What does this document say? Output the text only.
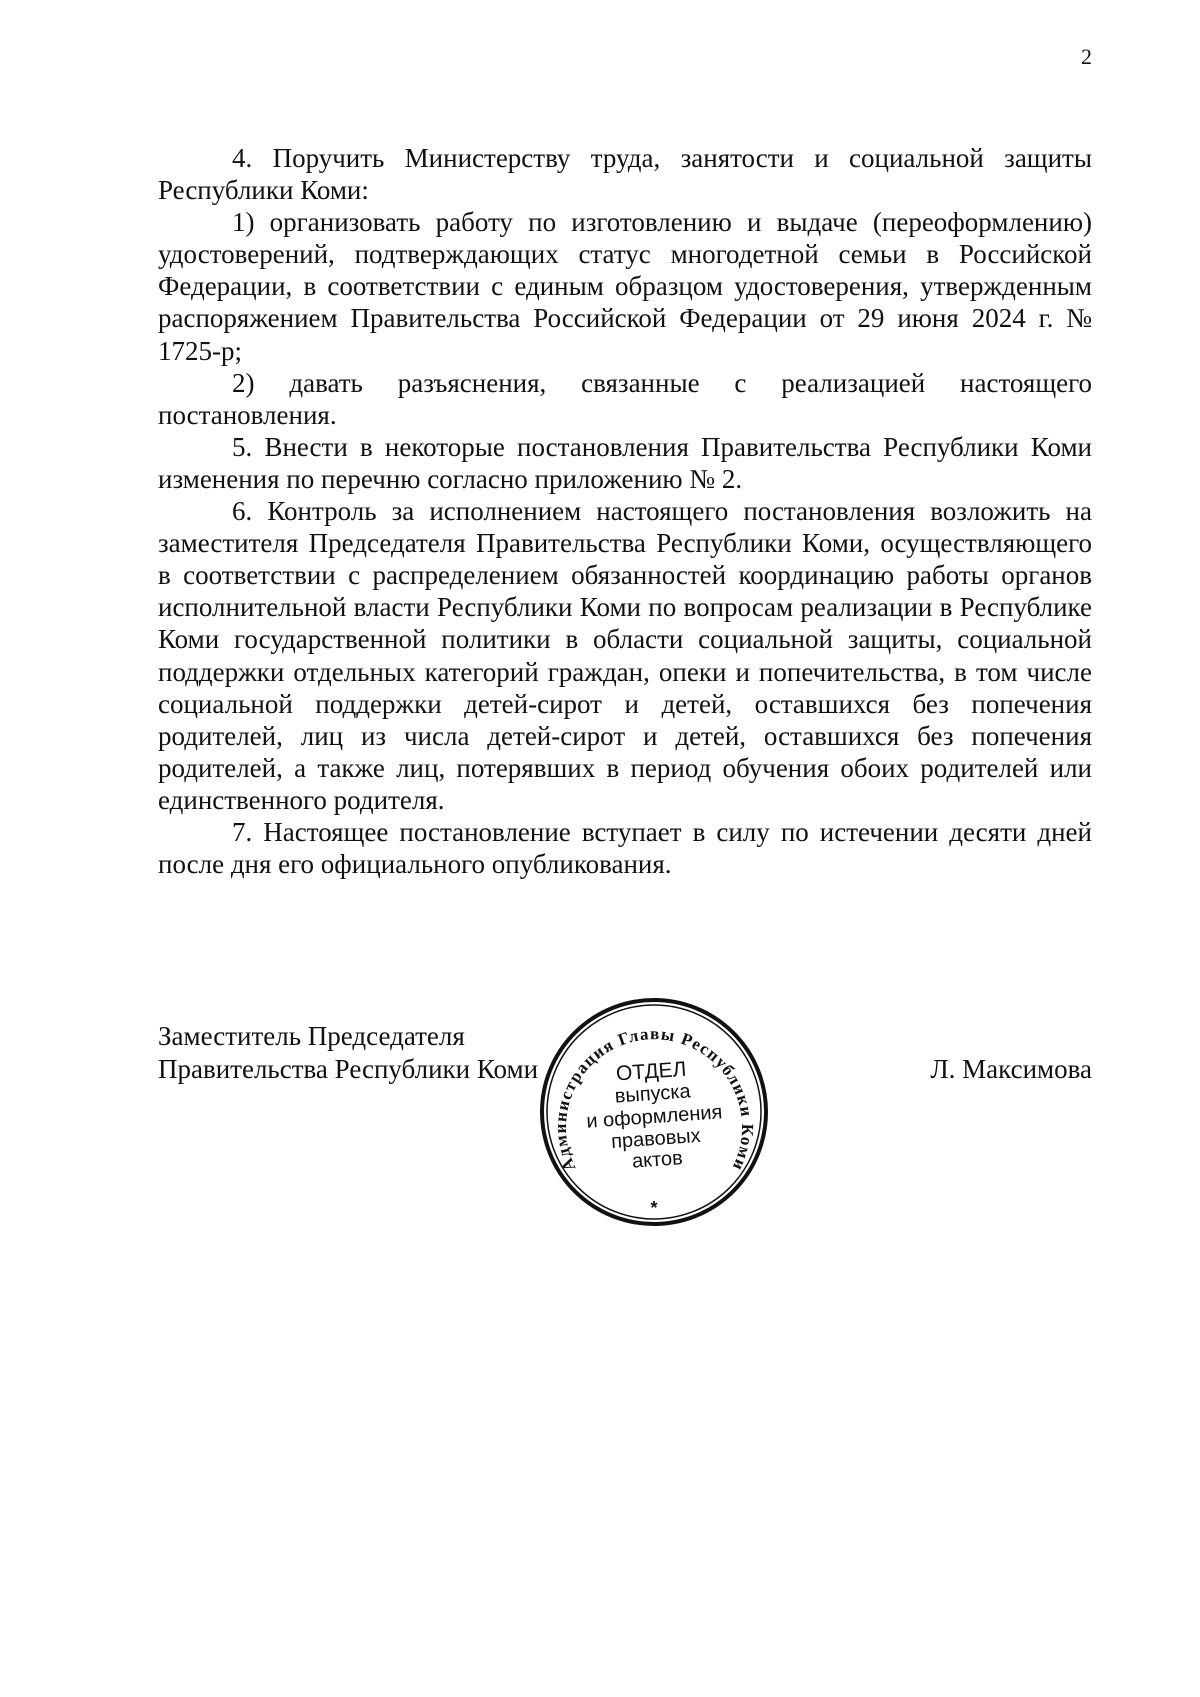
2

4. Поручить Министерству труда, занятости и социальной защиты Республики Коми:

1) организовать работу по изготовлению и выдаче (переоформлению) удостоверений, подтверждающих статус многодетной семьи в Российской Федерации, в соответствии с единым образцом удостоверения, утвержденным распоряжением Правительства Российской Федерации от 29 июня 2024 г. № 1725-р;

2) давать разъяснения, связанные с реализацией настоящего постановления.

5. Внести в некоторые постановления Правительства Республики Коми изменения по перечню согласно приложению № 2.

6. Контроль за исполнением настоящего постановления возложить на заместителя Председателя Правительства Республики Коми, осуществляющего в соответствии с распределением обязанностей координацию работы органов исполнительной власти Республики Коми по вопросам реализации в Республике Коми государственной политики в области социальной защиты, социальной поддержки отдельных категорий граждан, опеки и попечительства, в том числе социальной поддержки детей-сирот и детей, оставшихся без попечения родителей, лиц из числа детей-сирот и детей, оставшихся без попечения родителей, а также лиц, потерявших в период обучения обоих родителей или единственного родителя.

7. Настоящее постановление вступает в силу по истечении десяти дней после дня его официального опубликования.

Заместитель Председателя
Правительства Республики Коми	Л. Максимова
Администрация Главы Республики Коми
ОТДЕЛ
выпуска
и оформления
правовых
актов
*
